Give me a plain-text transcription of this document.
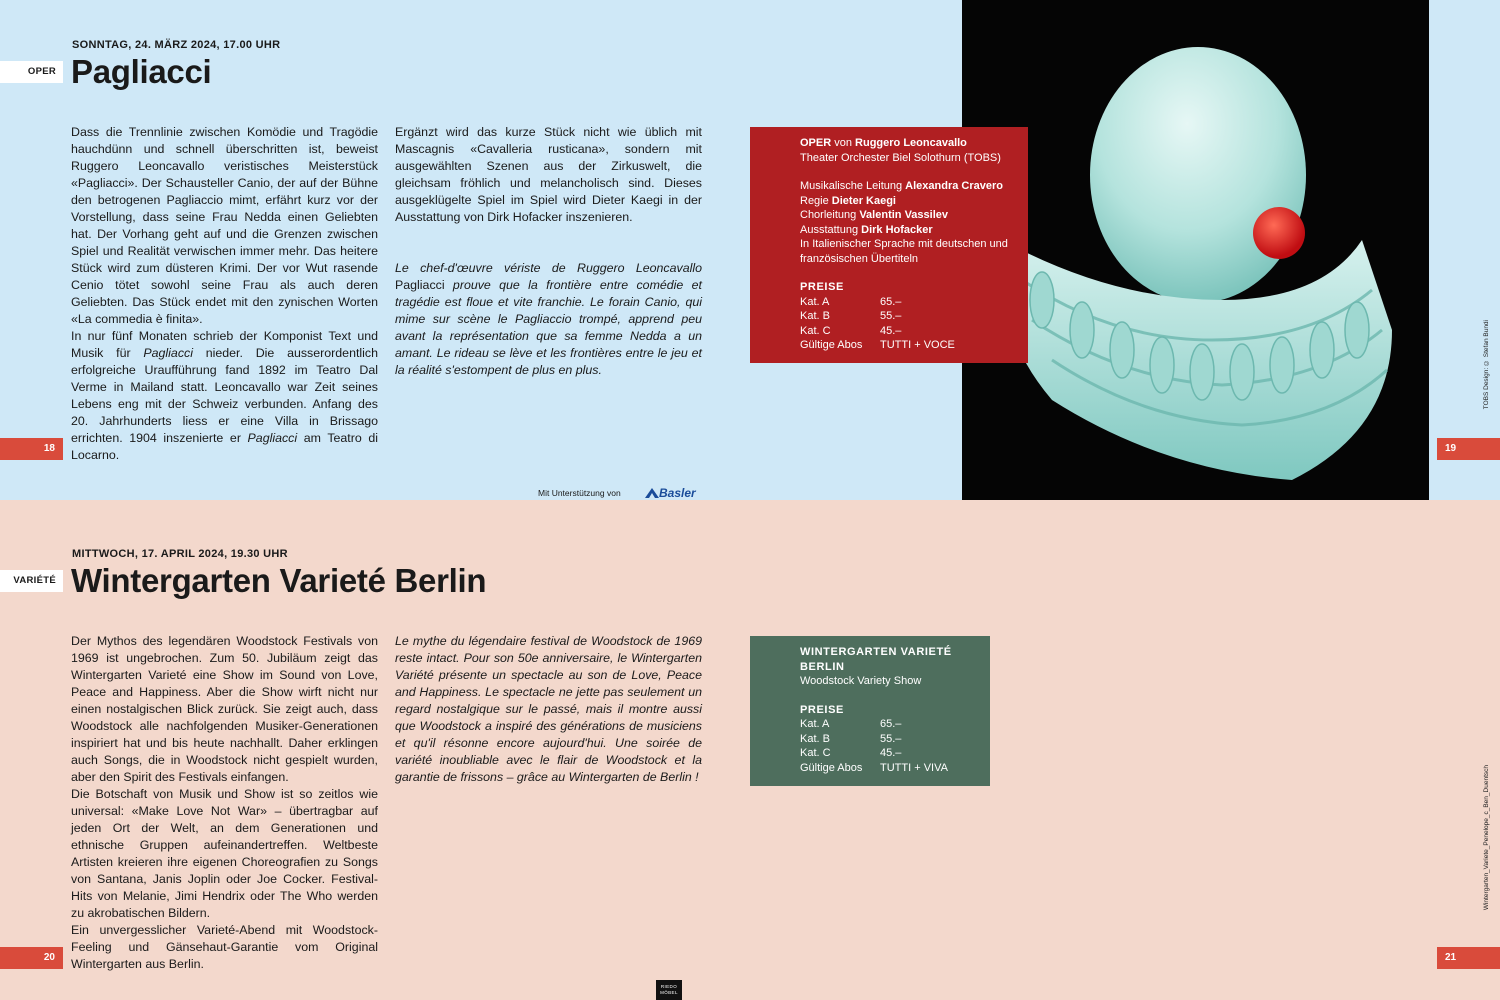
SONNTAG, 24. MÄRZ 2024, 17.00 UHR
OPER Pagliacci

Dass die Trennlinie zwischen Komödie und Tragödie hauchdünn und schnell überschritten ist, beweist Ruggero Leoncavallo veristisches Meisterstück «Pagliacci». Der Schausteller Canio, der auf der Bühne den betrogenen Pagliaccio mimt, erfährt kurz vor der Vorstellung, dass seine Frau Nedda einen Geliebten hat. Der Vorhang geht auf und die Grenzen zwischen Spiel und Realität verwischen immer mehr. Das heitere Stück wird zum düsteren Krimi. Der vor Wut rasende Cenio tötet sowohl seine Frau als auch deren Geliebten. Das Stück endet mit den zynischen Worten «La commedia è finita».

In nur fünf Monaten schrieb der Komponist Text und Musik für Pagliacci nieder. Die ausserordentlich erfolgreiche Uraufführung fand 1892 im Teatro Dal Verme in Mailand statt. Leoncavallo war Zeit seines Lebens eng mit der Schweiz verbunden. Anfang des 20. Jahrhunderts liess er eine Villa in Brissago errichten. 1904 inszenierte er Pagliacci am Teatro di Locarno.

Ergänzt wird das kurze Stück nicht wie üblich mit Mascagnis «Cavalleria rusticana», sondern mit ausgewählten Szenen aus der Zirkuswelt, die gleichsam fröhlich und melancholisch sind. Dieses ausgeklügelte Spiel im Spiel wird Dieter Kaegi in der Ausstattung von Dirk Hofacker inszenieren.

Le chef-d'œuvre vériste de Ruggero Leoncavallo Pagliacci prouve que la frontière entre comédie et tragédie est floue et vite franchie. Le forain Canio, qui mime sur scène le Pagliaccio trompé, apprend peu avant la représentation que sa femme Nedda a un amant. Le rideau se lève et les frontières entre le jeu et la réalité s'estompent de plus en plus.

18	19
Mit Unterstützung von	Basler
TOBS Design: © Stefan Bundi
OPER von Ruggero Leoncavallo
Theater Orchester Biel Solothurn (TOBS)
Musikalische Leitung Alexandra Cravero
Regie Dieter Kaegi
Chorleitung Valentin Vassilev
Ausstattung Dirk Hofacker
In Italienischer Sprache mit deutschen und französischen Übertiteln
PREISE
Kat. A	65.–
Kat. B	55.–
Kat. C	45.–
Gültige Abos	TUTTI + VOCE
MITTWOCH, 17. APRIL 2024, 19.30 UHR
VARIÉTÉ Wintergarten Varieté Berlin

Der Mythos des legendären Woodstock Festivals von 1969 ist ungebrochen. Zum 50. Jubiläum zeigt das Wintergarten Varieté eine Show im Sound von Love, Peace and Happiness. Aber die Show wirft nicht nur einen nostalgischen Blick zurück. Sie zeigt auch, dass Woodstock alle nachfolgenden Musiker-Generationen inspiriert hat und bis heute nachhallt. Daher erklingen auch Songs, die in Woodstock nicht gespielt wurden, aber den Spirit des Festivals einfangen.

Die Botschaft von Musik und Show ist so zeitlos wie universal: «Make Love Not War» – übertragbar auf jeden Ort der Welt, an dem Generationen und ethnische Gruppen aufeinandertreffen. Weltbeste Artisten kreieren ihre eigenen Choreografien zu Songs von Santana, Janis Joplin oder Joe Cocker. Festival-Hits von Melanie, Jimi Hendrix oder The Who werden zu akrobatischen Bildern.

Ein unvergesslicher Varieté-Abend mit Woodstock-Feeling und Gänsehaut-Garantie vom Original Wintergarten aus Berlin.

Le mythe du légendaire festival de Woodstock de 1969 reste intact. Pour son 50e anniversaire, le Wintergarten Variété présente un spectacle au son de Love, Peace and Happiness. Le spectacle ne jette pas seulement un regard nostalgique sur le passé, mais il montre aussi que Woodstock a inspiré des générations de musiciens et qu'il résonne encore aujourd'hui. Une soirée de variété inoubliable avec le flair de Woodstock et la garantie de frissons – grâce au Wintergarten de Berlin !

20	21
Wintergarten_Variete_Penelope_c_Ben_Duentsch
RIEDO MÖBEL
WINTERGARTEN VARIETÉ BERLIN
Woodstock Variety Show
PREISE
Kat. A	65.–
Kat. B	55.–
Kat. C	45.–
Gültige Abos	TUTTI + VIVA
